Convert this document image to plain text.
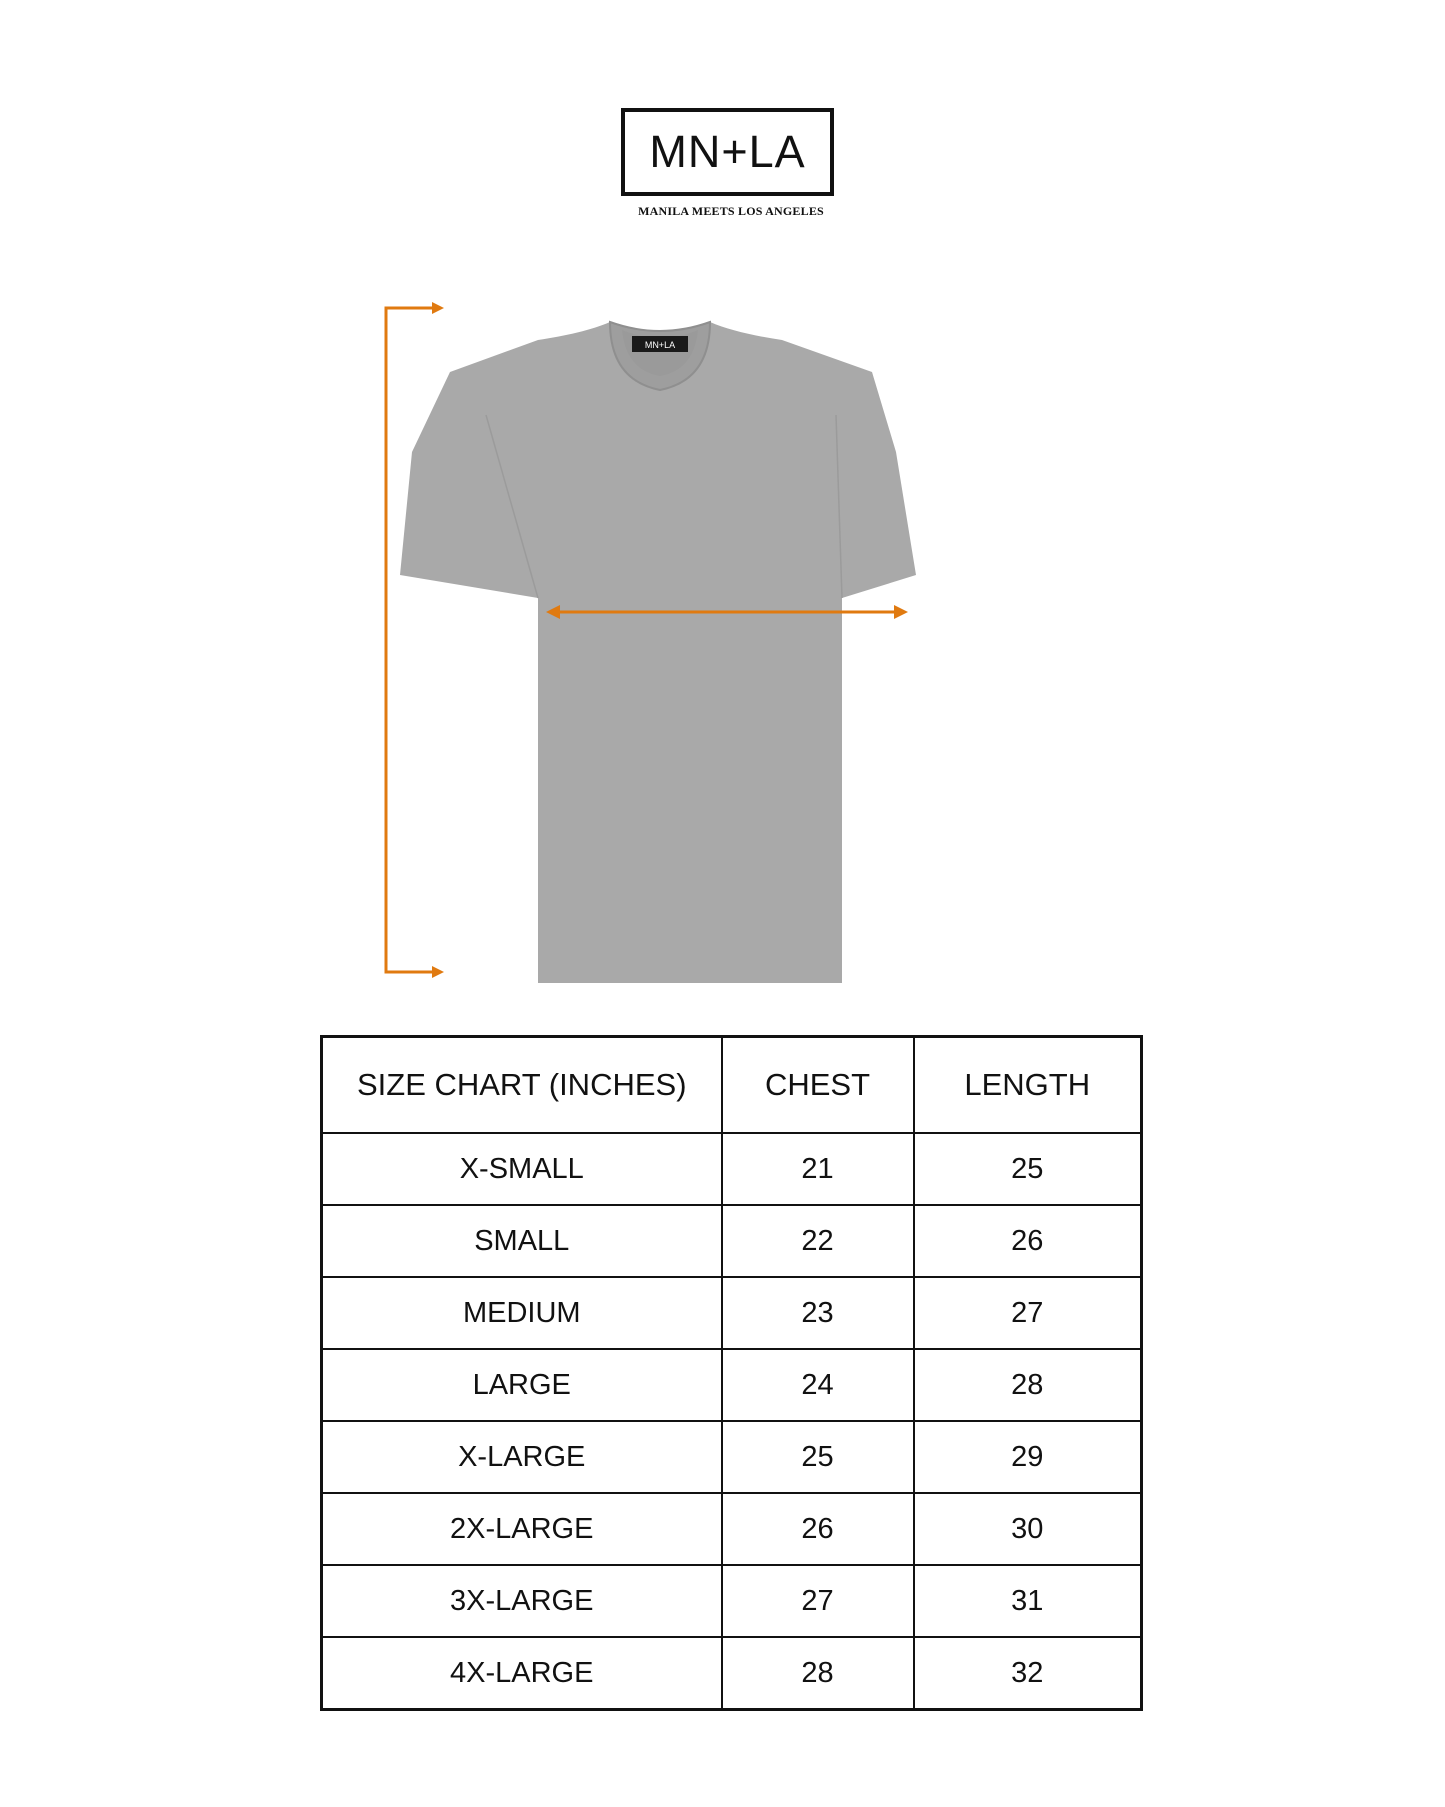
MN+LA
MANILA MEETS LOS ANGELES
MN+LA
SIZE CHART (INCHES)	CHEST	LENGTH
X-SMALL	21	25
SMALL	22	26
MEDIUM	23	27
LARGE	24	28
X-LARGE	25	29
2X-LARGE	26	30
3X-LARGE	27	31
4X-LARGE	28	32
